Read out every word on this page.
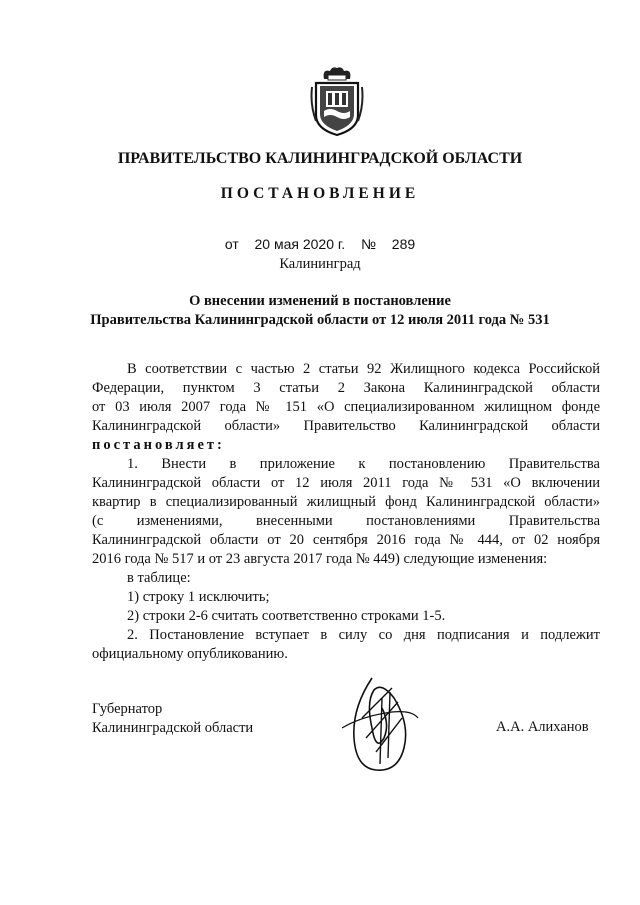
ПРАВИТЕЛЬСТВО КАЛИНИНГРАДСКОЙ ОБЛАСТИ
ПОСТАНОВЛЕНИЕ
от 20 мая 2020 г. № 289
Калининград
О внесении изменений в постановление
Правительства Калининградской области от 12 июля 2011 года № 531
В соответствии с частью 2 статьи 92 Жилищного кодекса Российской
Федерации, пунктом 3 статьи 2 Закона Калининградской области
от 03 июля 2007 года № 151 «О специализированном жилищном фонде
Калининградской области» Правительство Калининградской области
постановляет:
1. Внести в приложение к постановлению Правительства
Калининградской области от 12 июля 2011 года № 531 «О включении
квартир в специализированный жилищный фонд Калининградской области»
(с изменениями, внесенными постановлениями Правительства
Калининградской области от 20 сентября 2016 года № 444, от 02 ноября
2016 года № 517 и от 23 августа 2017 года № 449) следующие изменения:
в таблице:
1) строку 1 исключить;
2) строки 2-6 считать соответственно строками 1-5.
2. Постановление вступает в силу со дня подписания и подлежит
официальному опубликованию.
Губернатор
Калининградской области	А.А. Алиханов
